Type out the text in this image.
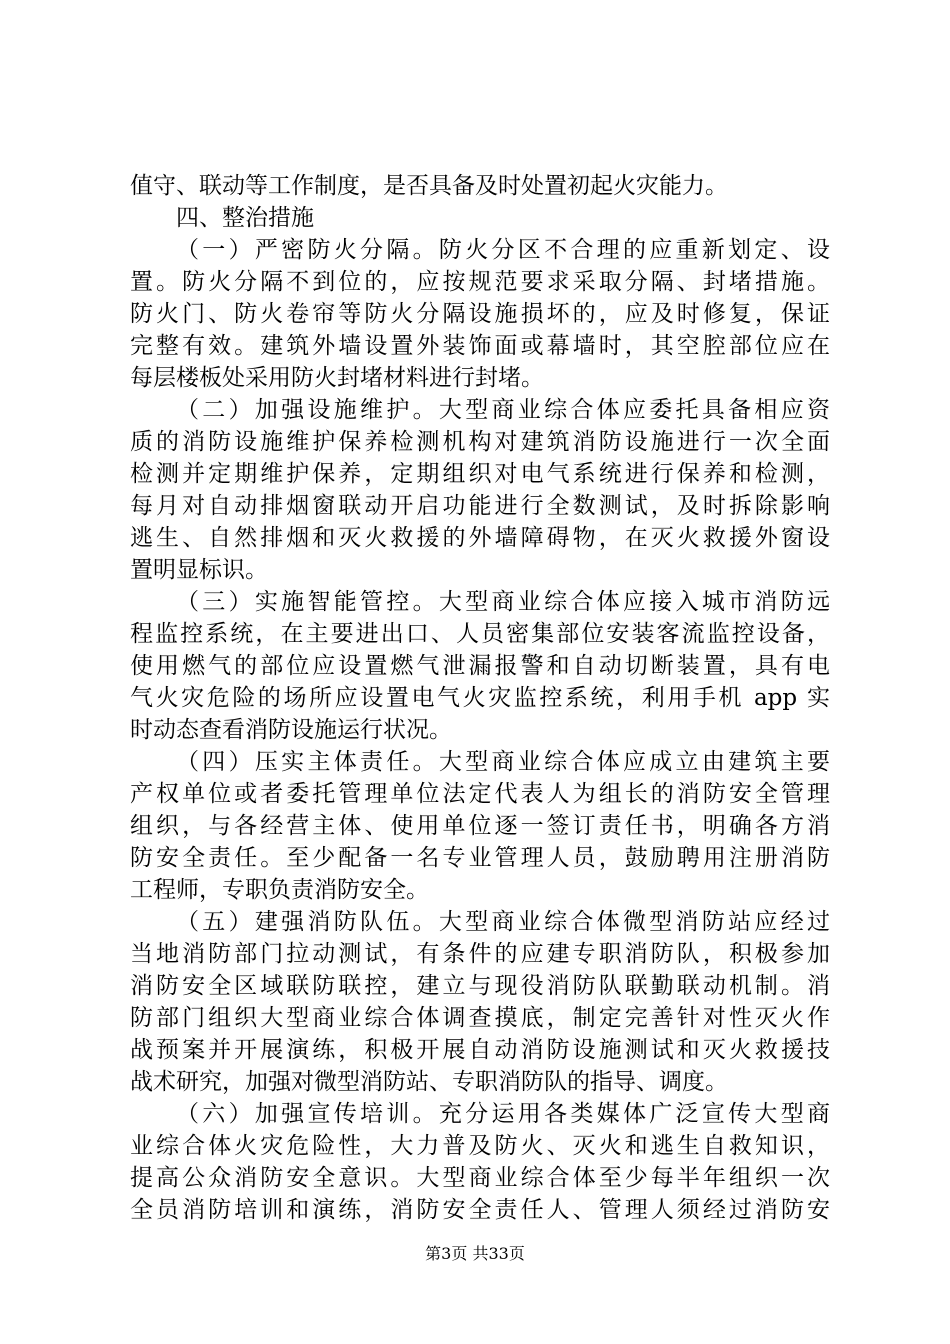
值守、联动等工作制度，是否具备及时处置初起火灾能力。
四、整治措施
（一）严密防火分隔。防火分区不合理的应重新划定、设
置。防火分隔不到位的，应按规范要求采取分隔、封堵措施。
防火门、防火卷帘等防火分隔设施损坏的，应及时修复，保证
完整有效。建筑外墙设置外装饰面或幕墙时，其空腔部位应在
每层楼板处采用防火封堵材料进行封堵。
（二）加强设施维护。大型商业综合体应委托具备相应资
质的消防设施维护保养检测机构对建筑消防设施进行一次全面
检测并定期维护保养，定期组织对电气系统进行保养和检测，
每月对自动排烟窗联动开启功能进行全数测试，及时拆除影响
逃生、自然排烟和灭火救援的外墙障碍物，在灭火救援外窗设
置明显标识。
（三）实施智能管控。大型商业综合体应接入城市消防远
程监控系统，在主要进出口、人员密集部位安装客流监控设备，
使用燃气的部位应设置燃气泄漏报警和自动切断装置，具有电
气火灾危险的场所应设置电气火灾监控系统，利用手机 app 实
时动态查看消防设施运行状况。
（四）压实主体责任。大型商业综合体应成立由建筑主要
产权单位或者委托管理单位法定代表人为组长的消防安全管理
组织，与各经营主体、使用单位逐一签订责任书，明确各方消
防安全责任。至少配备一名专业管理人员，鼓励聘用注册消防
工程师，专职负责消防安全。
（五）建强消防队伍。大型商业综合体微型消防站应经过
当地消防部门拉动测试，有条件的应建专职消防队，积极参加
消防安全区域联防联控，建立与现役消防队联勤联动机制。消
防部门组织大型商业综合体调查摸底，制定完善针对性灭火作
战预案并开展演练，积极开展自动消防设施测试和灭火救援技
战术研究，加强对微型消防站、专职消防队的指导、调度。
（六）加强宣传培训。充分运用各类媒体广泛宣传大型商
业综合体火灾危险性，大力普及防火、灭火和逃生自救知识，
提高公众消防安全意识。大型商业综合体至少每半年组织一次
全员消防培训和演练，消防安全责任人、管理人须经过消防安
第3页 共33页
